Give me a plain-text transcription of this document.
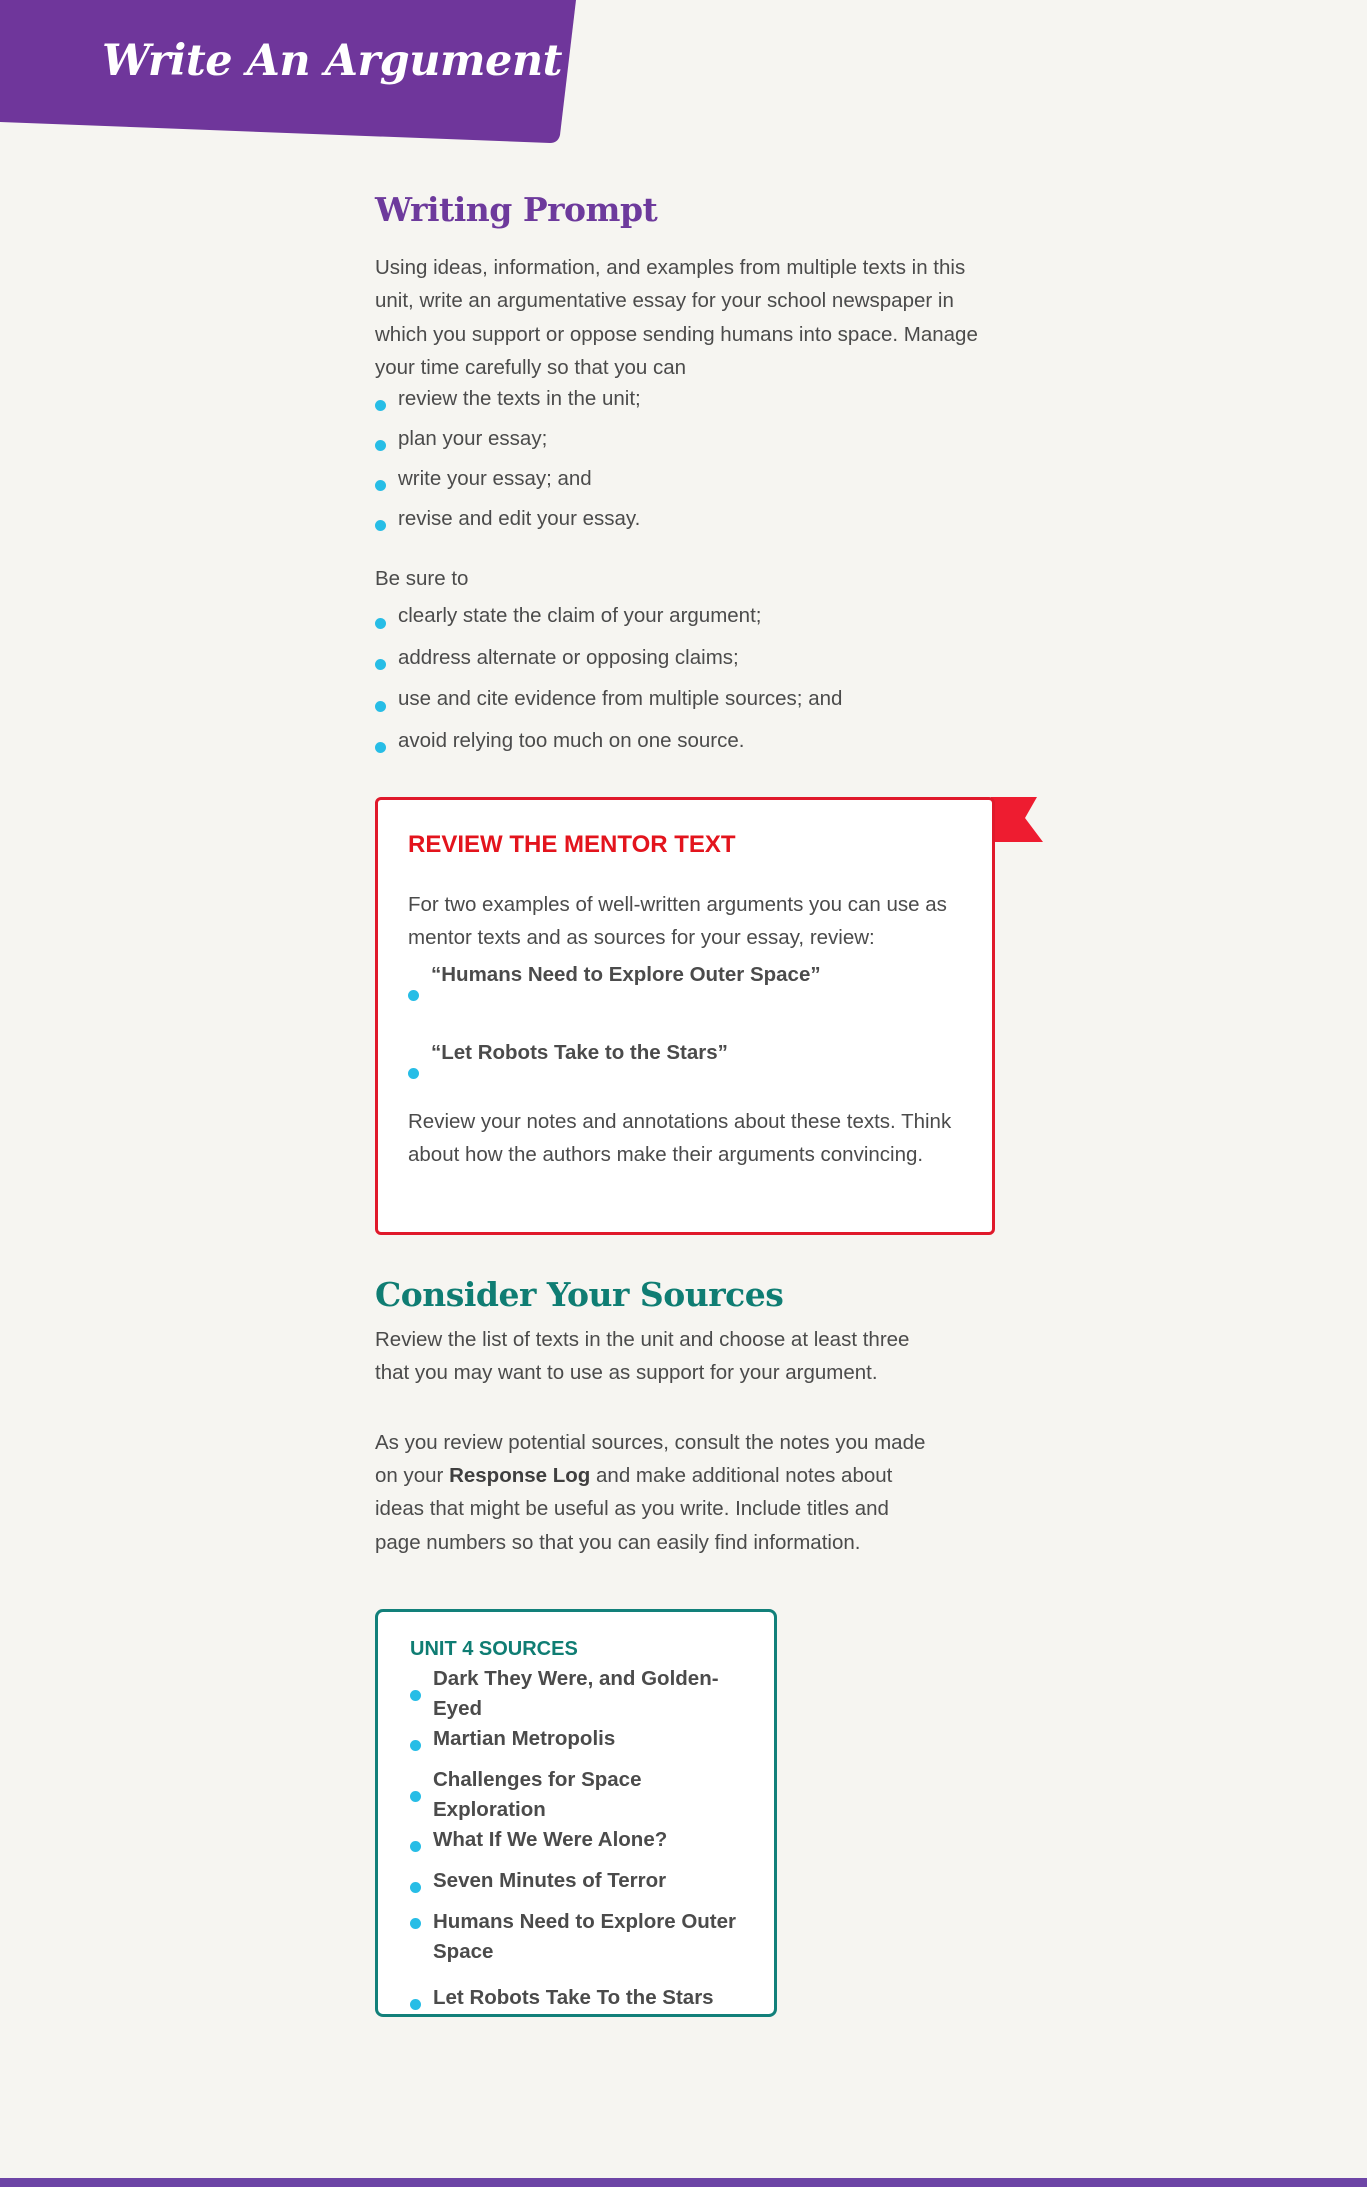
Write An Argument
Writing Prompt

Using ideas, information, and examples from multiple texts in this unit, write an argumentative essay for your school newspaper in which you support or oppose sending humans into space. Manage your time carefully so that you can

review the texts in the unit;
plan your essay;
write your essay; and
revise and edit your essay.

Be sure to

clearly state the claim of your argument;
address alternate or opposing claims;
use and cite evidence from multiple sources; and
avoid relying too much on one source.
REVIEW THE MENTOR TEXT

For two examples of well-written arguments you can use as mentor texts and as sources for your essay, review:

“Humans Need to Explore Outer Space”
“Let Robots Take to the Stars”

Review your notes and annotations about these texts. Think about how the authors make their arguments convincing.

Consider Your Sources

Review the list of texts in the unit and choose at least three that you may want to use as support for your argument.

As you review potential sources, consult the notes you made on your Response Log and make additional notes about ideas that might be useful as you write. Include titles and page numbers so that you can easily find information.

UNIT 4 SOURCES
Dark They Were, and Golden-Eyed
Martian Metropolis
Challenges for Space Exploration
What If We Were Alone?
Seven Minutes of Terror
Humans Need to Explore Outer Space
Let Robots Take To the Stars
